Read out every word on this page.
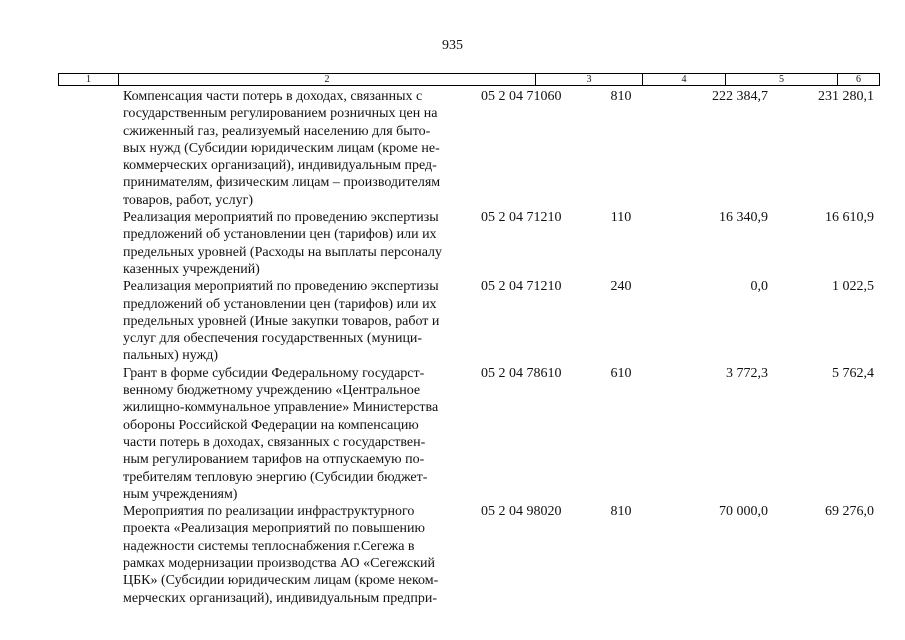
935
1	2	3	4	5	6
Компенсация части потерь в доходах, связанных с
государственным регулированием розничных цен на
сжиженный газ, реализуемый населению для быто-
вых нужд (Субсидии юридическим лицам (кроме не-
коммерческих организаций), индивидуальным пред-
принимателям, физическим лицам – производителям
товаров, работ, услуг)
05 2 04 71060	810	222 384,7	231 280,1
Реализация мероприятий по проведению экспертизы
предложений об установлении цен (тарифов) или их
предельных уровней (Расходы на выплаты персоналу
казенных учреждений)
05 2 04 71210	110	16 340,9	16 610,9
Реализация мероприятий по проведению экспертизы
предложений об установлении цен (тарифов) или их
предельных уровней (Иные закупки товаров, работ и
услуг для обеспечения государственных (муници-
пальных) нужд)
05 2 04 71210	240	0,0	1 022,5
Грант в форме субсидии Федеральному государст-
венному бюджетному учреждению «Центральное
жилищно-коммунальное управление» Министерства
обороны Российской Федерации на компенсацию
части потерь в доходах, связанных с государствен-
ным регулированием тарифов на отпускаемую по-
требителям тепловую энергию (Субсидии бюджет-
ным учреждениям)
05 2 04 78610	610	3 772,3	5 762,4
Мероприятия по реализации инфраструктурного
проекта «Реализация мероприятий по повышению
надежности системы теплоснабжения г.Сегежа в
рамках модернизации производства АО «Сегежский
ЦБК» (Субсидии юридическим лицам (кроме неком-
мерческих организаций), индивидуальным предпри-
05 2 04 98020	810	70 000,0	69 276,0
